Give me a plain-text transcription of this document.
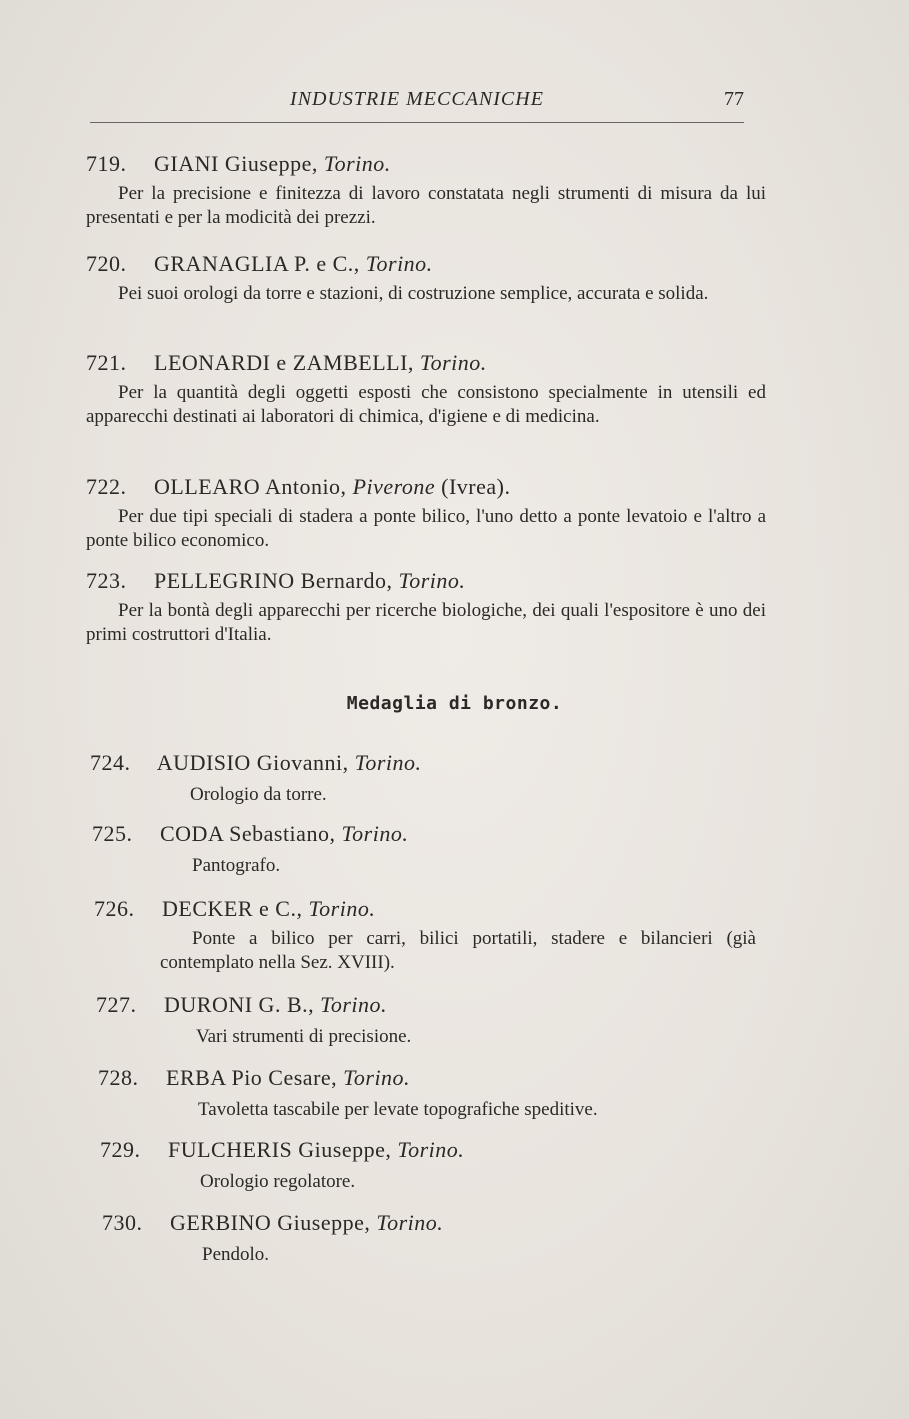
INDUSTRIE MECCANICHE	77
719. GIANI Giuseppe, Torino.
Per la precisione e finitezza di lavoro constatata negli strumenti di misura da lui presentati e per la modicità dei prezzi.
720. GRANAGLIA P. e C., Torino.
Pei suoi orologi da torre e stazioni, di costruzione semplice, accurata e solida.
721. LEONARDI e ZAMBELLI, Torino.
Per la quantità degli oggetti esposti che consistono specialmente in utensili ed apparecchi destinati ai laboratori di chimica, d'igiene e di medicina.
722. OLLEARO Antonio, Piverone (Ivrea).
Per due tipi speciali di stadera a ponte bilico, l'uno detto a ponte levatoio e l'altro a ponte bilico economico.
723. PELLEGRINO Bernardo, Torino.
Per la bontà degli apparecchi per ricerche biologiche, dei quali l'espositore è uno dei primi costruttori d'Italia.
Medaglia di bronzo.
724. AUDISIO Giovanni, Torino.
Orologio da torre.
725. CODA Sebastiano, Torino.
Pantografo.
726. DECKER e C., Torino.
Ponte a bilico per carri, bilici portatili, stadere e bilancieri (già contemplato nella Sez. XVIII).
727. DURONI G. B., Torino.
Vari strumenti di precisione.
728. ERBA Pio Cesare, Torino.
Tavoletta tascabile per levate topografiche speditive.
729. FULCHERIS Giuseppe, Torino.
Orologio regolatore.
730. GERBINO Giuseppe, Torino.
Pendolo.
